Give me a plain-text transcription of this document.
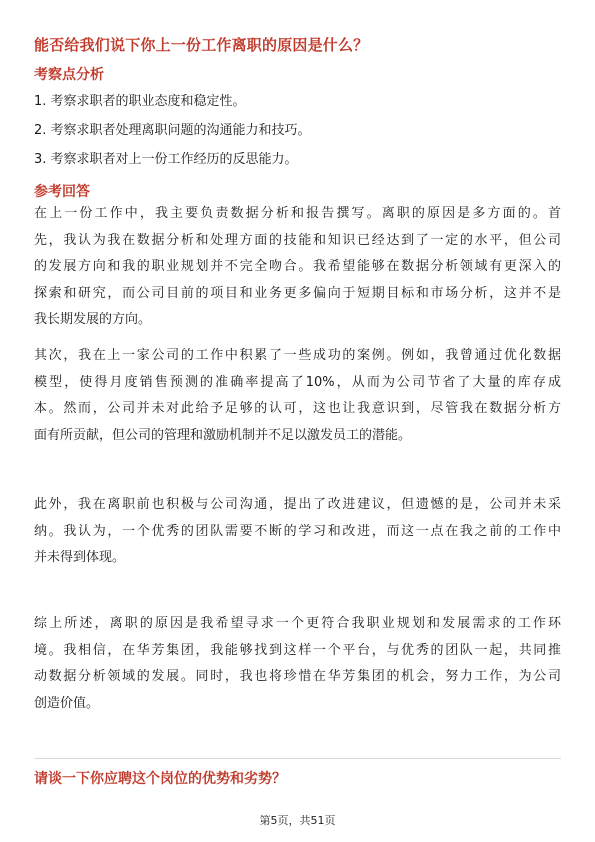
能否给我们说下你上一份工作离职的原因是什么？
考察点分析
1. 考察求职者的职业态度和稳定性。
2. 考察求职者处理离职问题的沟通能力和技巧。
3. 考察求职者对上一份工作经历的反思能力。
参考回答
在上一份工作中，我主要负责数据分析和报告撰写。离职的原因是多方面的。首
先，我认为我在数据分析和处理方面的技能和知识已经达到了一定的水平，但公司
的发展方向和我的职业规划并不完全吻合。我希望能够在数据分析领域有更深入的
探索和研究，而公司目前的项目和业务更多偏向于短期目标和市场分析，这并不是
我长期发展的方向。
其次，我在上一家公司的工作中积累了一些成功的案例。例如，我曾通过优化数据
模型，使得月度销售预测的准确率提高了10%，从而为公司节省了大量的库存成
本。然而，公司并未对此给予足够的认可，这也让我意识到，尽管我在数据分析方
面有所贡献，但公司的管理和激励机制并不足以激发员工的潜能。
此外，我在离职前也积极与公司沟通，提出了改进建议，但遗憾的是，公司并未采
纳。我认为，一个优秀的团队需要不断的学习和改进，而这一点在我之前的工作中
并未得到体现。
综上所述，离职的原因是我希望寻求一个更符合我职业规划和发展需求的工作环
境。我相信，在华芳集团，我能够找到这样一个平台，与优秀的团队一起，共同推
动数据分析领域的发展。同时，我也将珍惜在华芳集团的机会，努力工作，为公司
创造价值。
请谈一下你应聘这个岗位的优势和劣势？
第5页，共51页
